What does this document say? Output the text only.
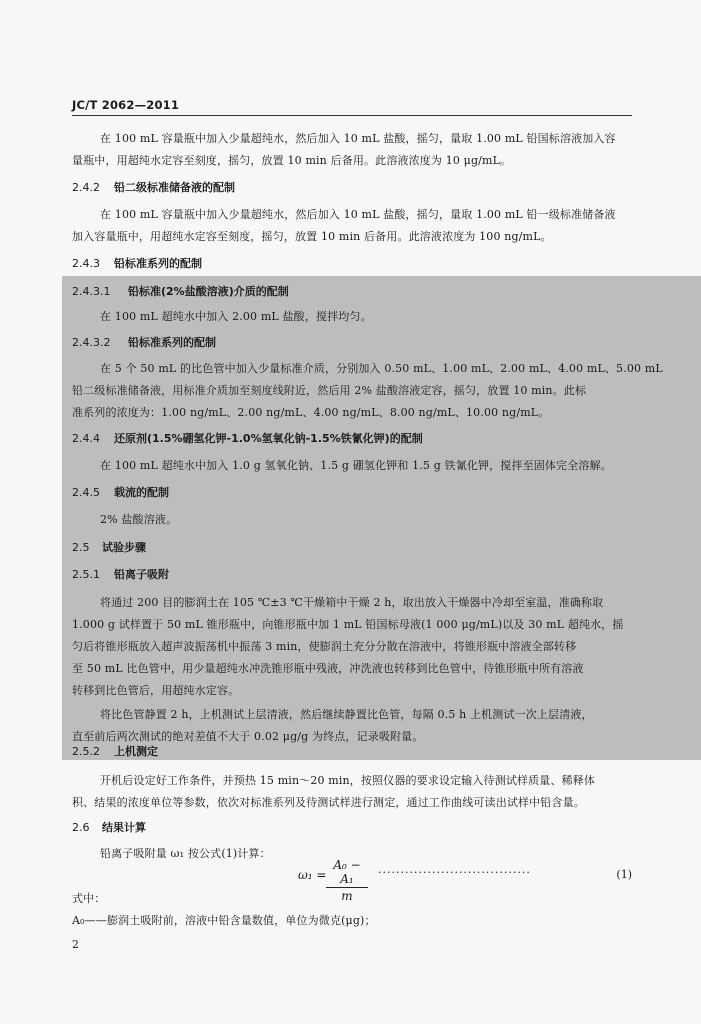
JC/T 2062—2011
在 100 mL 容量瓶中加入少量超纯水，然后加入 10 mL 盐酸，摇匀，量取 1.00 mL 铅国标溶液加入容
量瓶中，用超纯水定容至刻度，摇匀，放置 10 min 后备用。此溶液浓度为 10 μg/mL。
2.4.2 铅二级标准储备液的配制
在 100 mL 容量瓶中加入少量超纯水，然后加入 10 mL 盐酸，摇匀，量取 1.00 mL 铅一级标准储备液
加入容量瓶中，用超纯水定容至刻度，摇匀，放置 10 min 后备用。此溶液浓度为 100 ng/mL。
2.4.3 铅标准系列的配制
2.4.3.1 铅标准(2%盐酸溶液)介质的配制
在 100 mL 超纯水中加入 2.00 mL 盐酸，搅拌均匀。
2.4.3.2 铅标准系列的配制
在 5 个 50 mL 的比色管中加入少量标准介质，分别加入 0.50 mL、1.00 mL、2.00 mL、4.00 mL、5.00 mL
铅二级标准储备液，用标准介质加至刻度线附近，然后用 2% 盐酸溶液定容，摇匀，放置 10 min。此标
准系列的浓度为：1.00 ng/mL、2.00 ng/mL、4.00 ng/mL、8.00 ng/mL、10.00 ng/mL。
2.4.4 还原剂(1.5%硼氢化钾-1.0%氢氧化钠-1.5%铁氰化钾)的配制
在 100 mL 超纯水中加入 1.0 g 氢氧化钠、1.5 g 硼氢化钾和 1.5 g 铁氰化钾，搅拌至固体完全溶解。
2.4.5 载流的配制
2% 盐酸溶液。
2.5 试验步骤
2.5.1 铅离子吸附
将通过 200 目的膨润土在 105 ℃±3 ℃干燥箱中干燥 2 h，取出放入干燥器中冷却至室温，准确称取
1.000 g 试样置于 50 mL 锥形瓶中，向锥形瓶中加 1 mL 铅国标母液(1 000 μg/mL)以及 30 mL 超纯水，摇
匀后将锥形瓶放入超声波振荡机中振荡 3 min，使膨润土充分分散在溶液中，将锥形瓶中溶液全部转移
至 50 mL 比色管中，用少量超纯水冲洗锥形瓶中残液，冲洗液也转移到比色管中，待锥形瓶中所有溶液
转移到比色管后，用超纯水定容。
将比色管静置 2 h，上机测试上层清液，然后继续静置比色管，每隔 0.5 h 上机测试一次上层清液，
直至前后两次测试的绝对差值不大于 0.02 μg/g 为终点，记录吸附量。
2.5.2 上机测定
开机后设定好工作条件，并预热 15 min～20 min，按照仪器的要求设定输入待测试样质量、稀释体
积、结果的浓度单位等参数，依次对标准系列及待测试样进行测定，通过工作曲线可读出试样中铅含量。
2.6 结果计算
铅离子吸附量 ω₁ 按公式(1)计算：
$\omega_1 = \frac{\text{A₀ − A₁}}{m}$ ··································	(1)
式中：
A₀——膨润土吸附前，溶液中铅含量数值，单位为微克(μg)；
2
